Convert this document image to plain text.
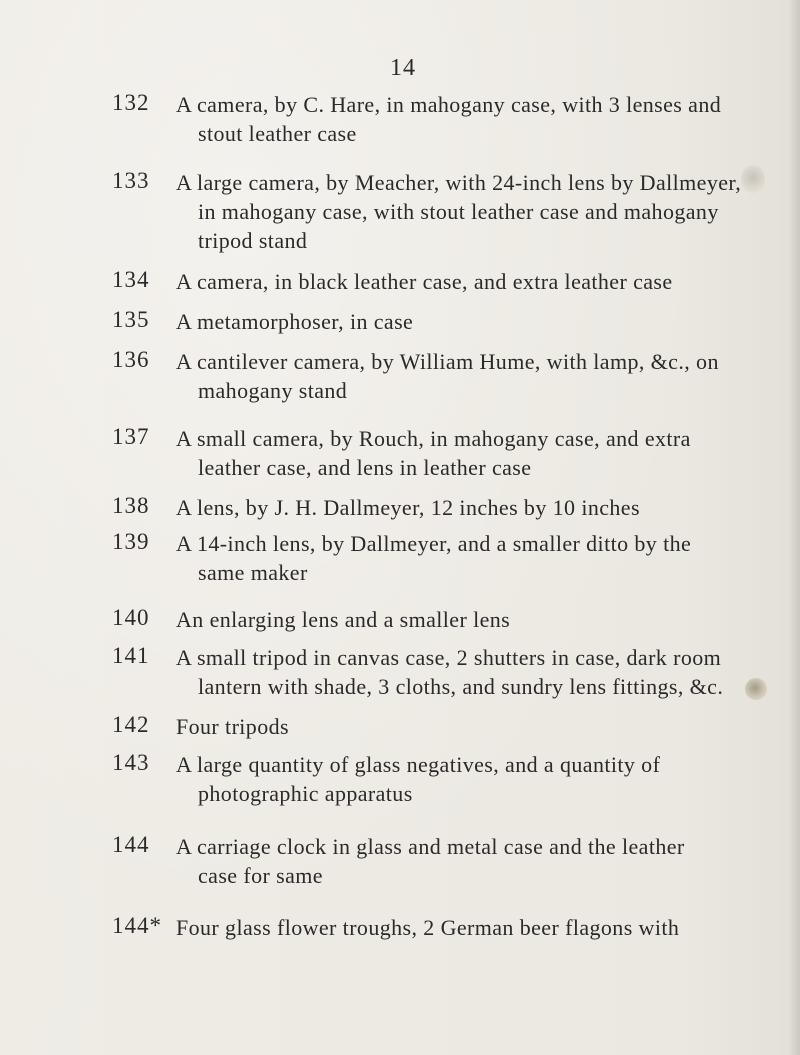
14
132 A camera, by C. Hare, in mahogany case, with 3 lenses and
stout leather case
133 A large camera, by Meacher, with 24-inch lens by Dallmeyer,
in mahogany case, with stout leather case and mahogany
tripod stand
134 A camera, in black leather case, and extra leather case
135 A metamorphoser, in case
136 A cantilever camera, by William Hume, with lamp, &c., on
mahogany stand
137 A small camera, by Rouch, in mahogany case, and extra
leather case, and lens in leather case
138 A lens, by J. H. Dallmeyer, 12 inches by 10 inches
139 A 14-inch lens, by Dallmeyer, and a smaller ditto by the
same maker
140 An enlarging lens and a smaller lens
141 A small tripod in canvas case, 2 shutters in case, dark room
lantern with shade, 3 cloths, and sundry lens fittings, &c.
142 Four tripods
143 A large quantity of glass negatives, and a quantity of
photographic apparatus
144 A carriage clock in glass and metal case and the leather
case for same
144* Four glass flower troughs, 2 German beer flagons with
